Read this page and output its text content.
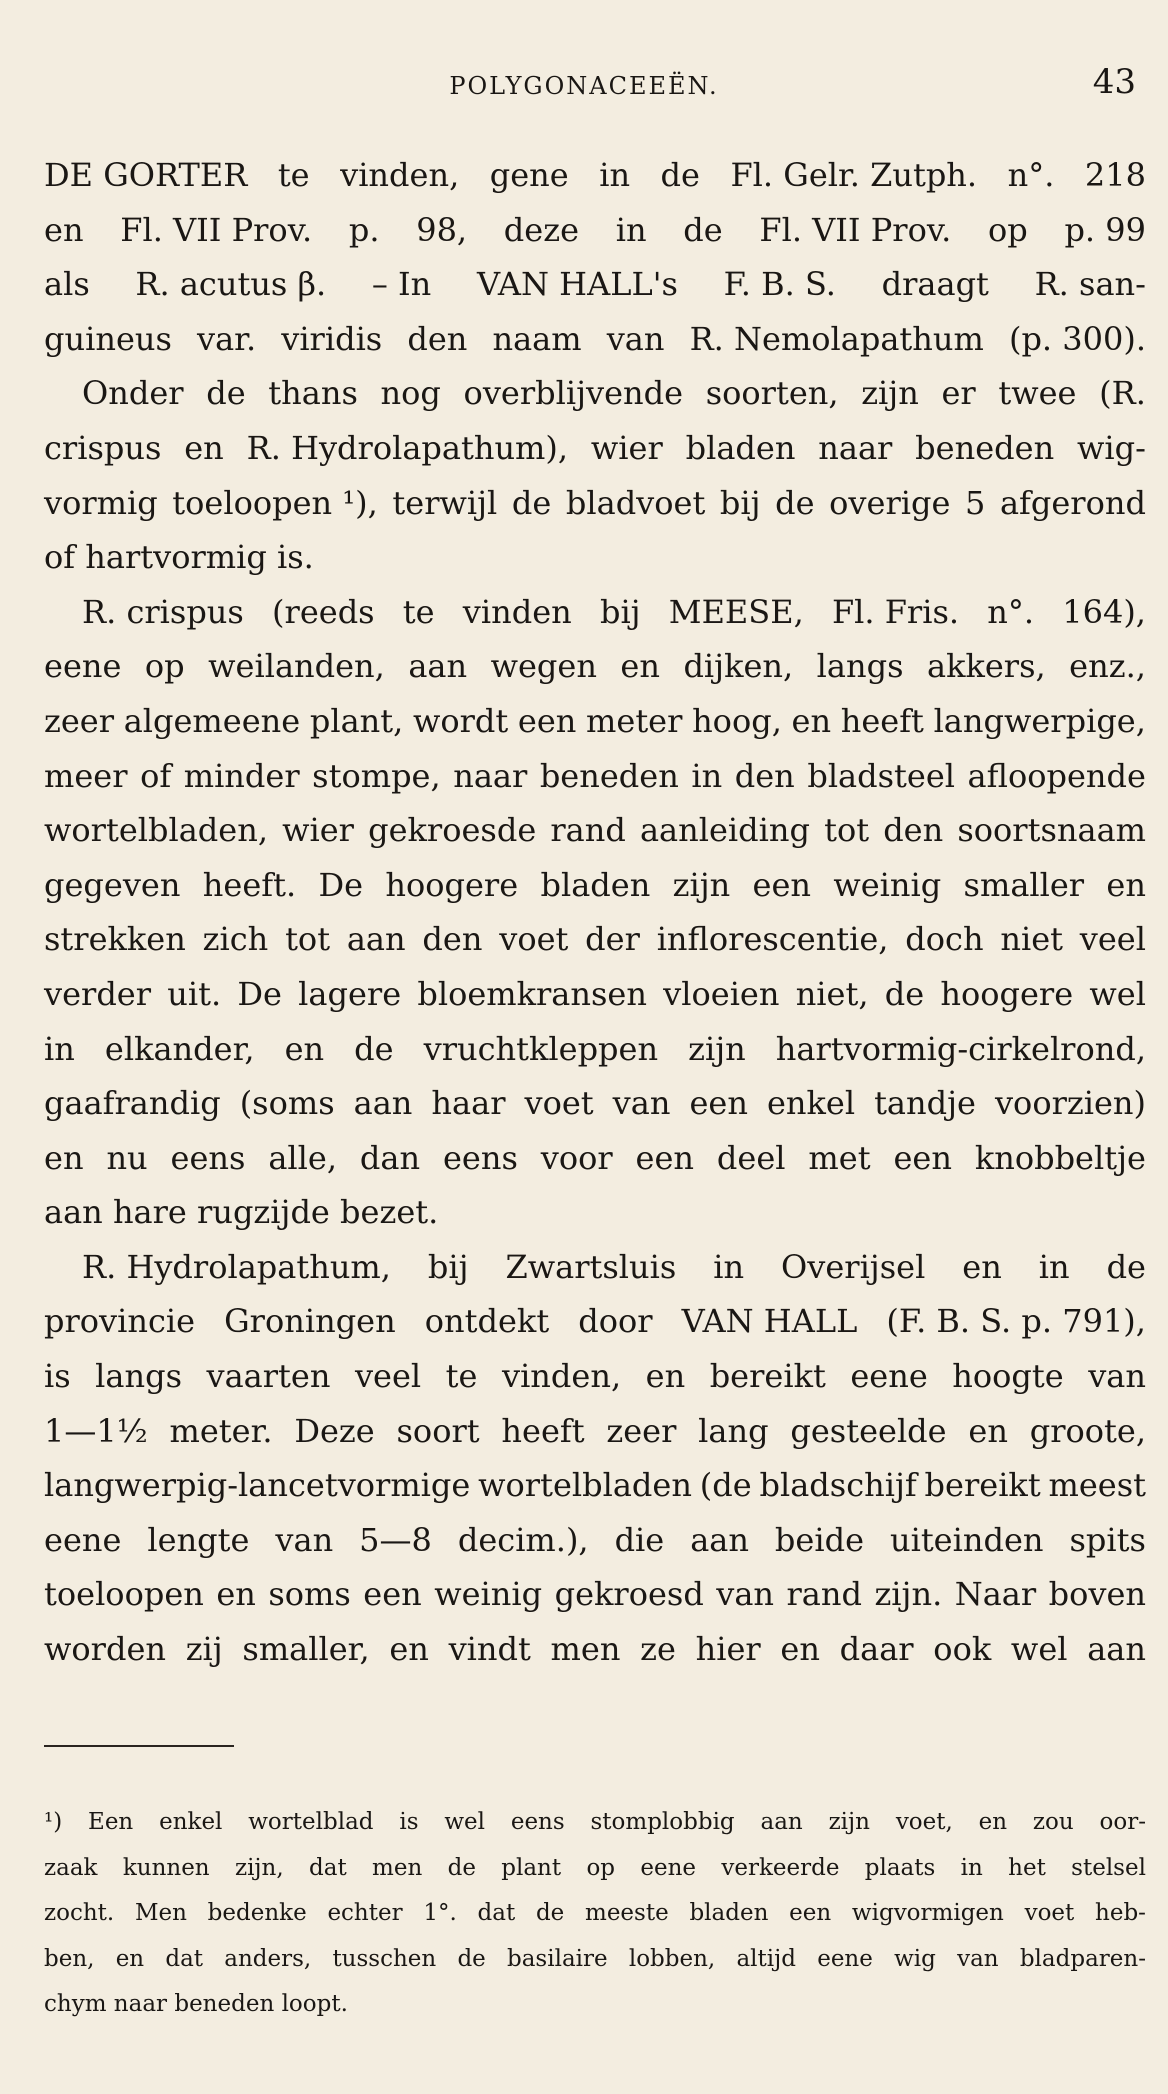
POLYGONACEEËN.	43
DE GORTER te vinden, gene in de Fl. Gelr. Zutph. n°. 218
en Fl. VII Prov. p. 98, deze in de Fl. VII Prov. op p. 99
als R. acutus β. – In VAN HALL's F. B. S. draagt R. san-
guineus var. viridis den naam van R. Nemolapathum (p. 300).
Onder de thans nog overblijvende soorten, zijn er twee (R.
crispus en R. Hydrolapathum), wier bladen naar beneden wig-
vormig toeloopen ¹), terwijl de bladvoet bij de overige 5 afgerond
of hartvormig is.
R. crispus (reeds te vinden bij MEESE, Fl. Fris. n°. 164),
eene op weilanden, aan wegen en dijken, langs akkers, enz.,
zeer algemeene plant, wordt een meter hoog, en heeft langwerpige,
meer of minder stompe, naar beneden in den bladsteel afloopende
wortelbladen, wier gekroesde rand aanleiding tot den soortsnaam
gegeven heeft. De hoogere bladen zijn een weinig smaller en
strekken zich tot aan den voet der inflorescentie, doch niet veel
verder uit. De lagere bloemkransen vloeien niet, de hoogere wel
in elkander, en de vruchtkleppen zijn hartvormig-cirkelrond,
gaafrandig (soms aan haar voet van een enkel tandje voorzien)
en nu eens alle, dan eens voor een deel met een knobbeltje
aan hare rugzijde bezet.
R. Hydrolapathum, bij Zwartsluis in Overijsel en in de
provincie Groningen ontdekt door VAN HALL (F. B. S. p. 791),
is langs vaarten veel te vinden, en bereikt eene hoogte van
1—1½ meter. Deze soort heeft zeer lang gesteelde en groote,
langwerpig-lancetvormige wortelbladen (de bladschijf bereikt meest
eene lengte van 5—8 decim.), die aan beide uiteinden spits
toeloopen en soms een weinig gekroesd van rand zijn. Naar boven
worden zij smaller, en vindt men ze hier en daar ook wel aan
¹) Een enkel wortelblad is wel eens stomplobbig aan zijn voet, en zou oor-
zaak kunnen zijn, dat men de plant op eene verkeerde plaats in het stelsel
zocht. Men bedenke echter 1°. dat de meeste bladen een wigvormigen voet heb-
ben, en dat anders, tusschen de basilaire lobben, altijd eene wig van bladparen-
chym naar beneden loopt.
